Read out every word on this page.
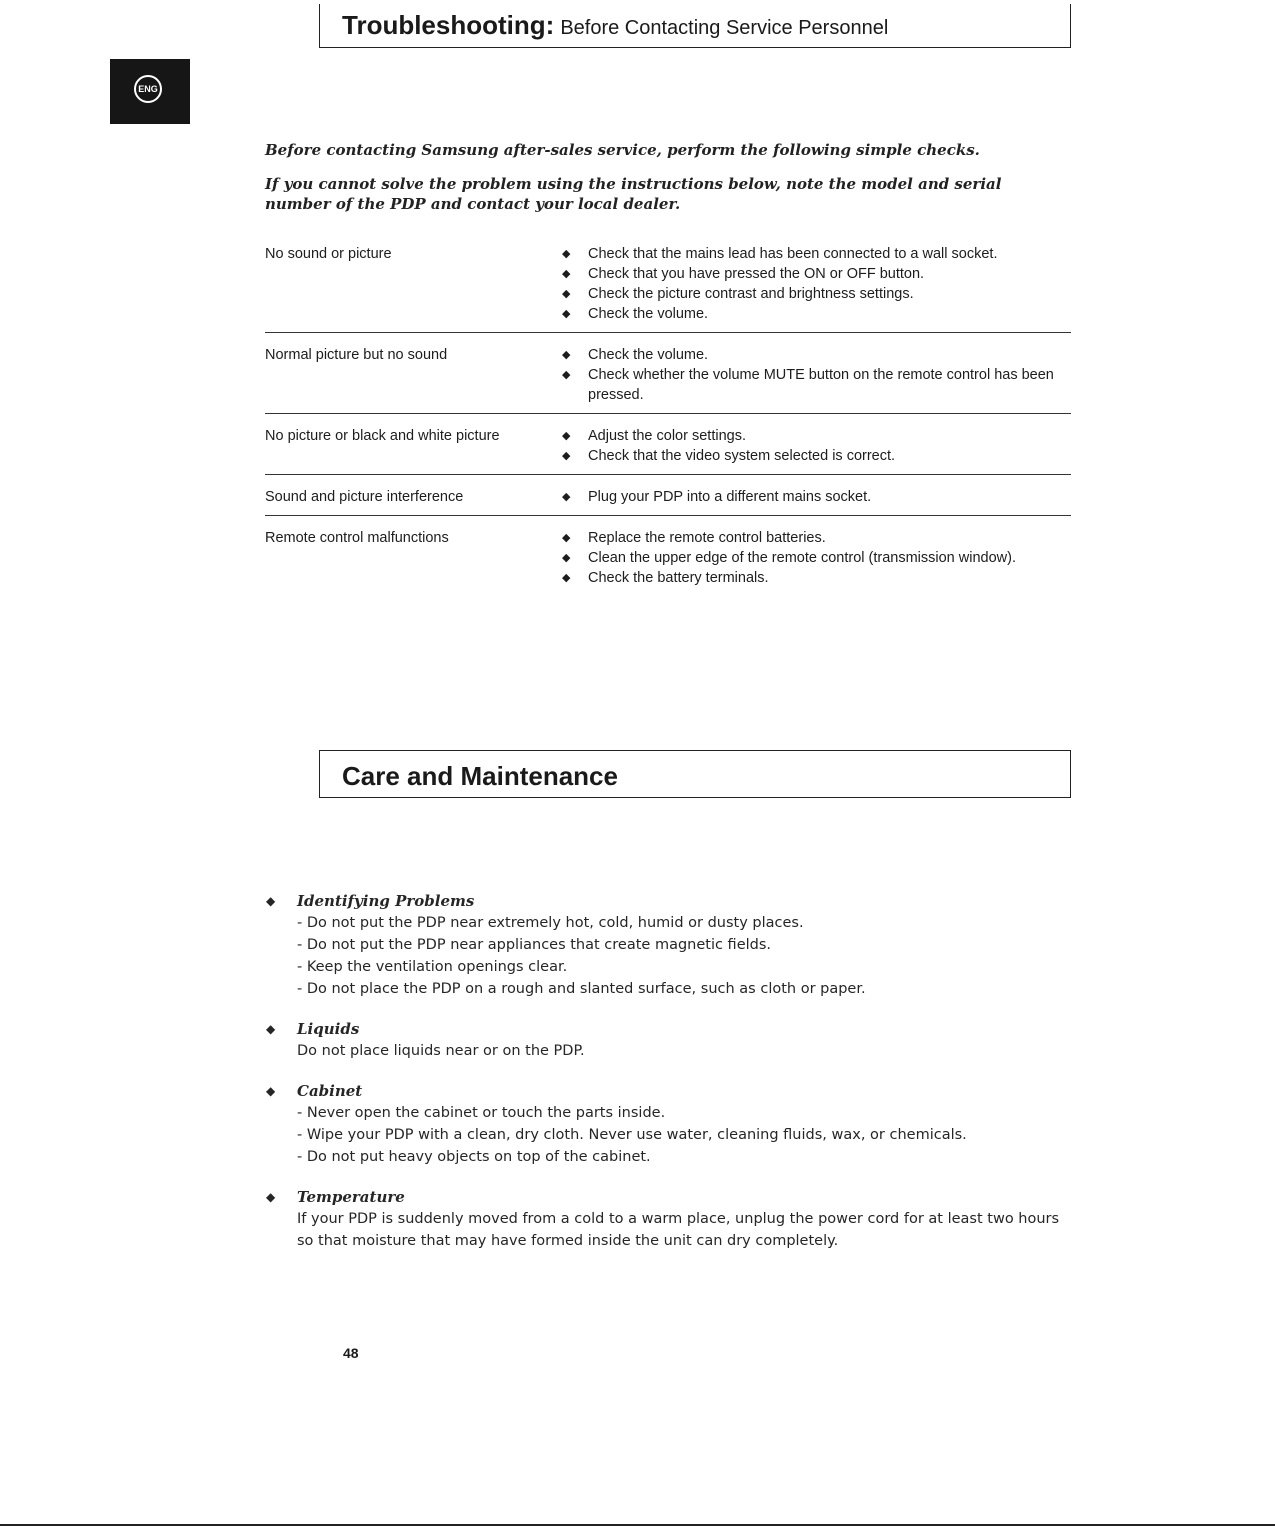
Troubleshooting: Before Contacting Service Personnel
ENG
Before contacting Samsung after-sales service, perform the following simple checks.
If you cannot solve the problem using the instructions below, note the model and serial number of the PDP and contact your local dealer.
No sound or picture	◆ Check that the mains lead has been connected to a wall socket.
◆ Check that you have pressed the ON or OFF button.
◆ Check the picture contrast and brightness settings.
◆ Check the volume.
Normal picture but no sound	◆ Check the volume.
◆ Check whether the volume MUTE button on the remote control has been pressed.
No picture or black and white picture	◆ Adjust the color settings.
◆ Check that the video system selected is correct.
Sound and picture interference	◆ Plug your PDP into a different mains socket.
Remote control malfunctions	◆ Replace the remote control batteries.
◆ Clean the upper edge of the remote control (transmission window).
◆ Check the battery terminals.
Care and Maintenance
◆ Identifying Problems
- Do not put the PDP near extremely hot, cold, humid or dusty places.
- Do not put the PDP near appliances that create magnetic fields.
- Keep the ventilation openings clear.
- Do not place the PDP on a rough and slanted surface, such as cloth or paper.
◆ Liquids
Do not place liquids near or on the PDP.
◆ Cabinet
- Never open the cabinet or touch the parts inside.
- Wipe your PDP with a clean, dry cloth. Never use water, cleaning fluids, wax, or chemicals.
- Do not put heavy objects on top of the cabinet.
◆ Temperature
If your PDP is suddenly moved from a cold to a warm place, unplug the power cord for at least two hours so that moisture that may have formed inside the unit can dry completely.
48
